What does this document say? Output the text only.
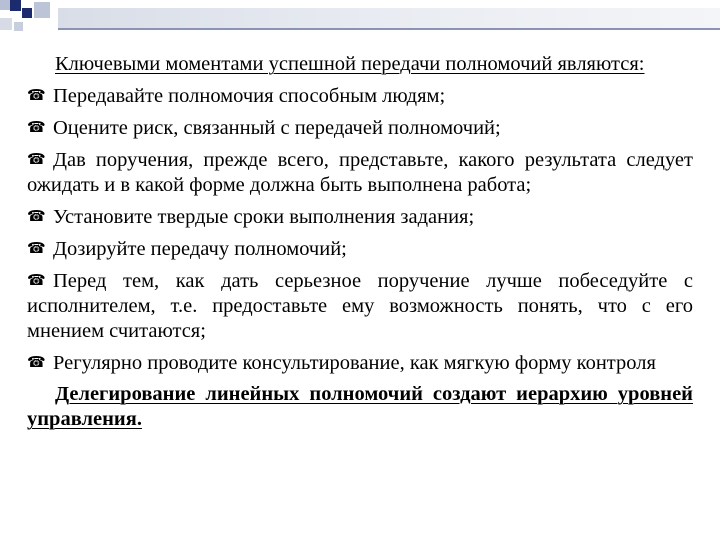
Ключевыми моментами успешной передачи полномочий являются:

☎ Передавайте полномочия способным людям;

☎ Оцените риск, связанный с передачей полномочий;

☎ Дав поручения, прежде всего, представьте, какого результата следует ожидать и в какой форме должна быть выполнена работа;

☎ Установите твердые сроки выполнения задания;

☎ Дозируйте передачу полномочий;

☎ Перед тем, как дать серьезное поручение лучше побеседуйте с исполнителем, т.е. предоставьте ему возможность понять, что с его мнением считаются;

☎ Регулярно проводите консультирование, как мягкую форму контроля

Делегирование линейных полномочий создают иерархию уровней управления.
